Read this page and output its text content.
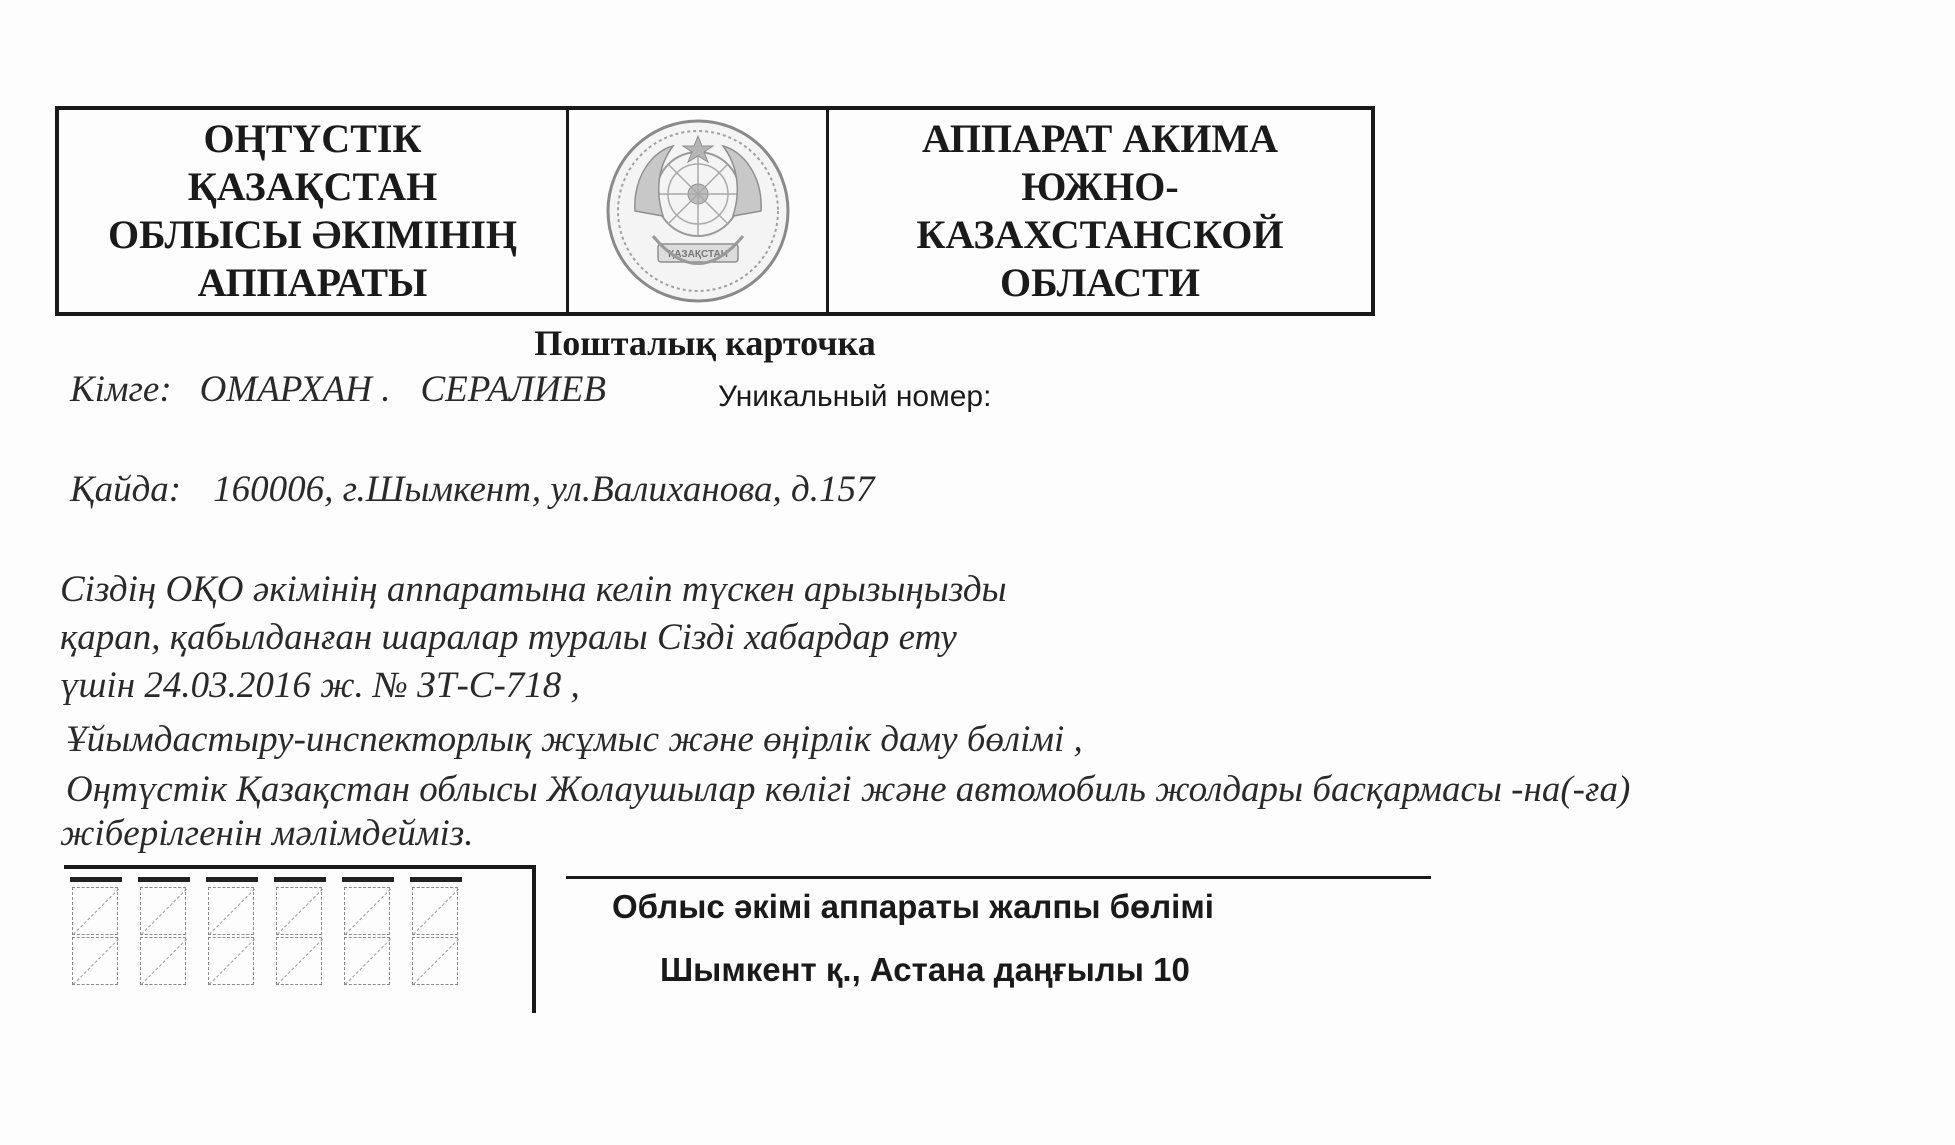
ОҢТҮСТІК
ҚАЗАҚСТАН
ОБЛЫСЫ ӘКІМІНІҢ
АППАРАТЫ
ҚАЗАҚСТАН
АППАРАТ АКИМА
ЮЖНО-
КАЗАХСТАНСКОЙ
ОБЛАСТИ
Пошталық карточка
Кімге: ОМАРХАН . СЕРАЛИЕВ	Уникальный номер:
Қайда: 160006, г.Шымкент, ул.Валиханова, д.157
Сіздің ОҚО әкімінің аппаратына келіп түскен арызыңызды
қарап, қабылданған шаралар туралы Сізді хабардар ету
үшін 24.03.2016 ж. № ЗТ-С-718 ,
Ұйымдастыру-инспекторлық жұмыс және өңірлік даму бөлімі ,
Оңтүстік Қазақстан облысы Жолаушылар көлігі және автомобиль жолдары басқармасы -на(-ға)
жіберілгенін мәлімдейміз.
Облыс әкімі аппараты жалпы бөлімі
Шымкент қ., Астана даңғылы 10
